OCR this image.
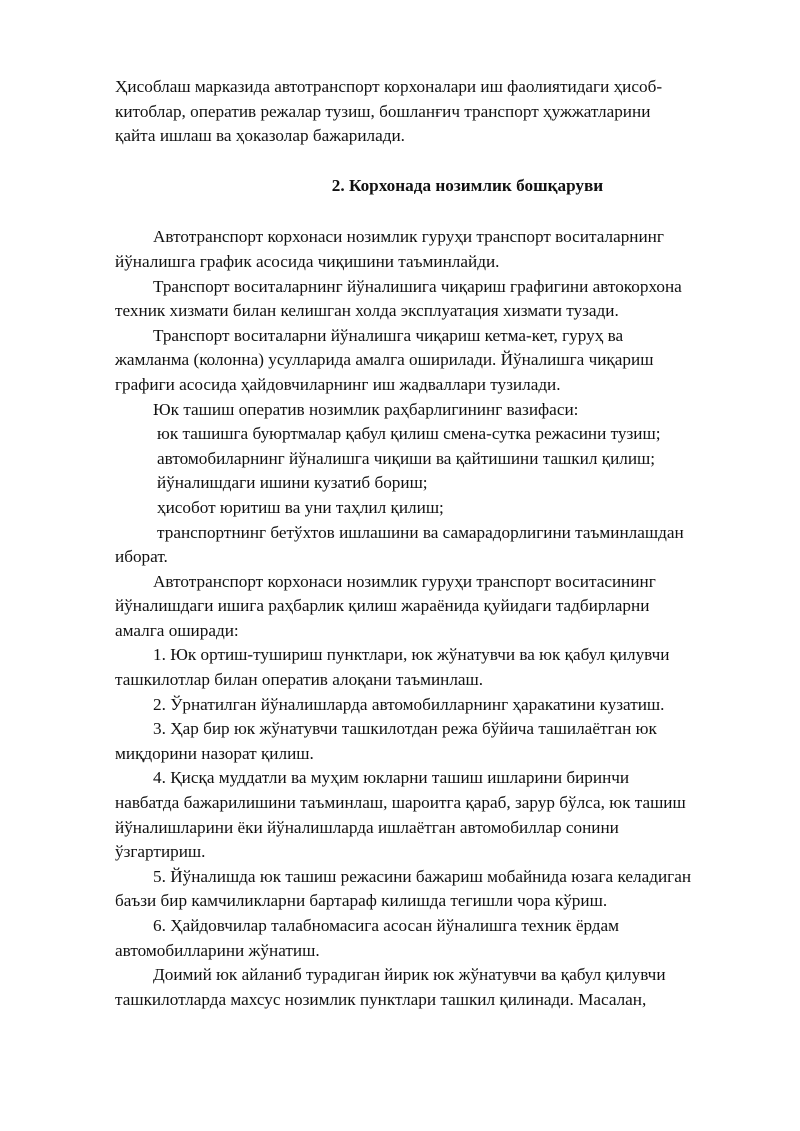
Ҳисоблаш марказида автотранспорт корхоналари иш фаолиятидаги ҳисоб-

китоблар, оператив режалар тузиш, бошланғич транспорт ҳужжатларини

қайта ишлаш ва ҳоказолар бажарилади.

2. Корхонада нозимлик бошқаруви

Автотранспорт корхонаси нозимлик гуруҳи транспорт воситаларнинг

йўналишга график асосида чиқишини таъминлайди.

Транспорт воситаларнинг йўналишига чиқариш графигини автокорхона

техник хизмати билан келишган холда эксплуатация хизмати тузади.

Транспорт воситаларни йўналишга чиқариш кетма-кет, гуруҳ ва

жамланма (колонна) усулларида амалга оширилади. Йўналишга чиқариш

графиги асосида ҳайдовчиларнинг иш жадваллари тузилади.

Юк ташиш оператив нозимлик раҳбарлигининг вазифаси:

юк ташишга буюртмалар қабул қилиш смена-сутка режасини тузиш;

автомобиларнинг йўналишга чиқиши ва қайтишини ташкил қилиш;

йўналишдаги ишини кузатиб бориш;

ҳисобот юритиш ва уни таҳлил қилиш;

транспортнинг бетўхтов ишлашини ва самарадорлигини таъминлашдан

иборат.

Автотранспорт корхонаси нозимлик гуруҳи транспорт воситасининг

йўналишдаги ишига раҳбарлик қилиш жараёнида қуйидаги тадбирларни

амалга оширади:

1. Юк ортиш-тушириш пунктлари, юк жўнатувчи ва юк қабул қилувчи

ташкилотлар билан оператив алоқани таъминлаш.

2. Ўрнатилган йўналишларда автомобилларнинг ҳаракатини кузатиш.

3. Ҳар бир юк жўнатувчи ташкилотдан режа бўйича ташилаётган юк

миқдорини назорат қилиш.

4. Қисқа муддатли ва муҳим юкларни ташиш ишларини биринчи

навбатда бажарилишини таъминлаш, шароитга қараб, зарур бўлса, юк ташиш

йўналишларини ёки йўналишларда ишлаётган автомобиллар сонини

ўзгартириш.

5. Йўналишда юк ташиш режасини бажариш мобайнида юзага келадиган

баъзи бир камчиликларни бартараф килишда тегишли чора кўриш.

6. Ҳайдовчилар талабномасига асосан йўналишга техник ёрдам

автомобилларини жўнатиш.

Доимий юк айланиб турадиган йирик юк жўнатувчи ва қабул қилувчи

ташкилотларда махсус нозимлик пунктлари ташкил қилинади. Масалан,
